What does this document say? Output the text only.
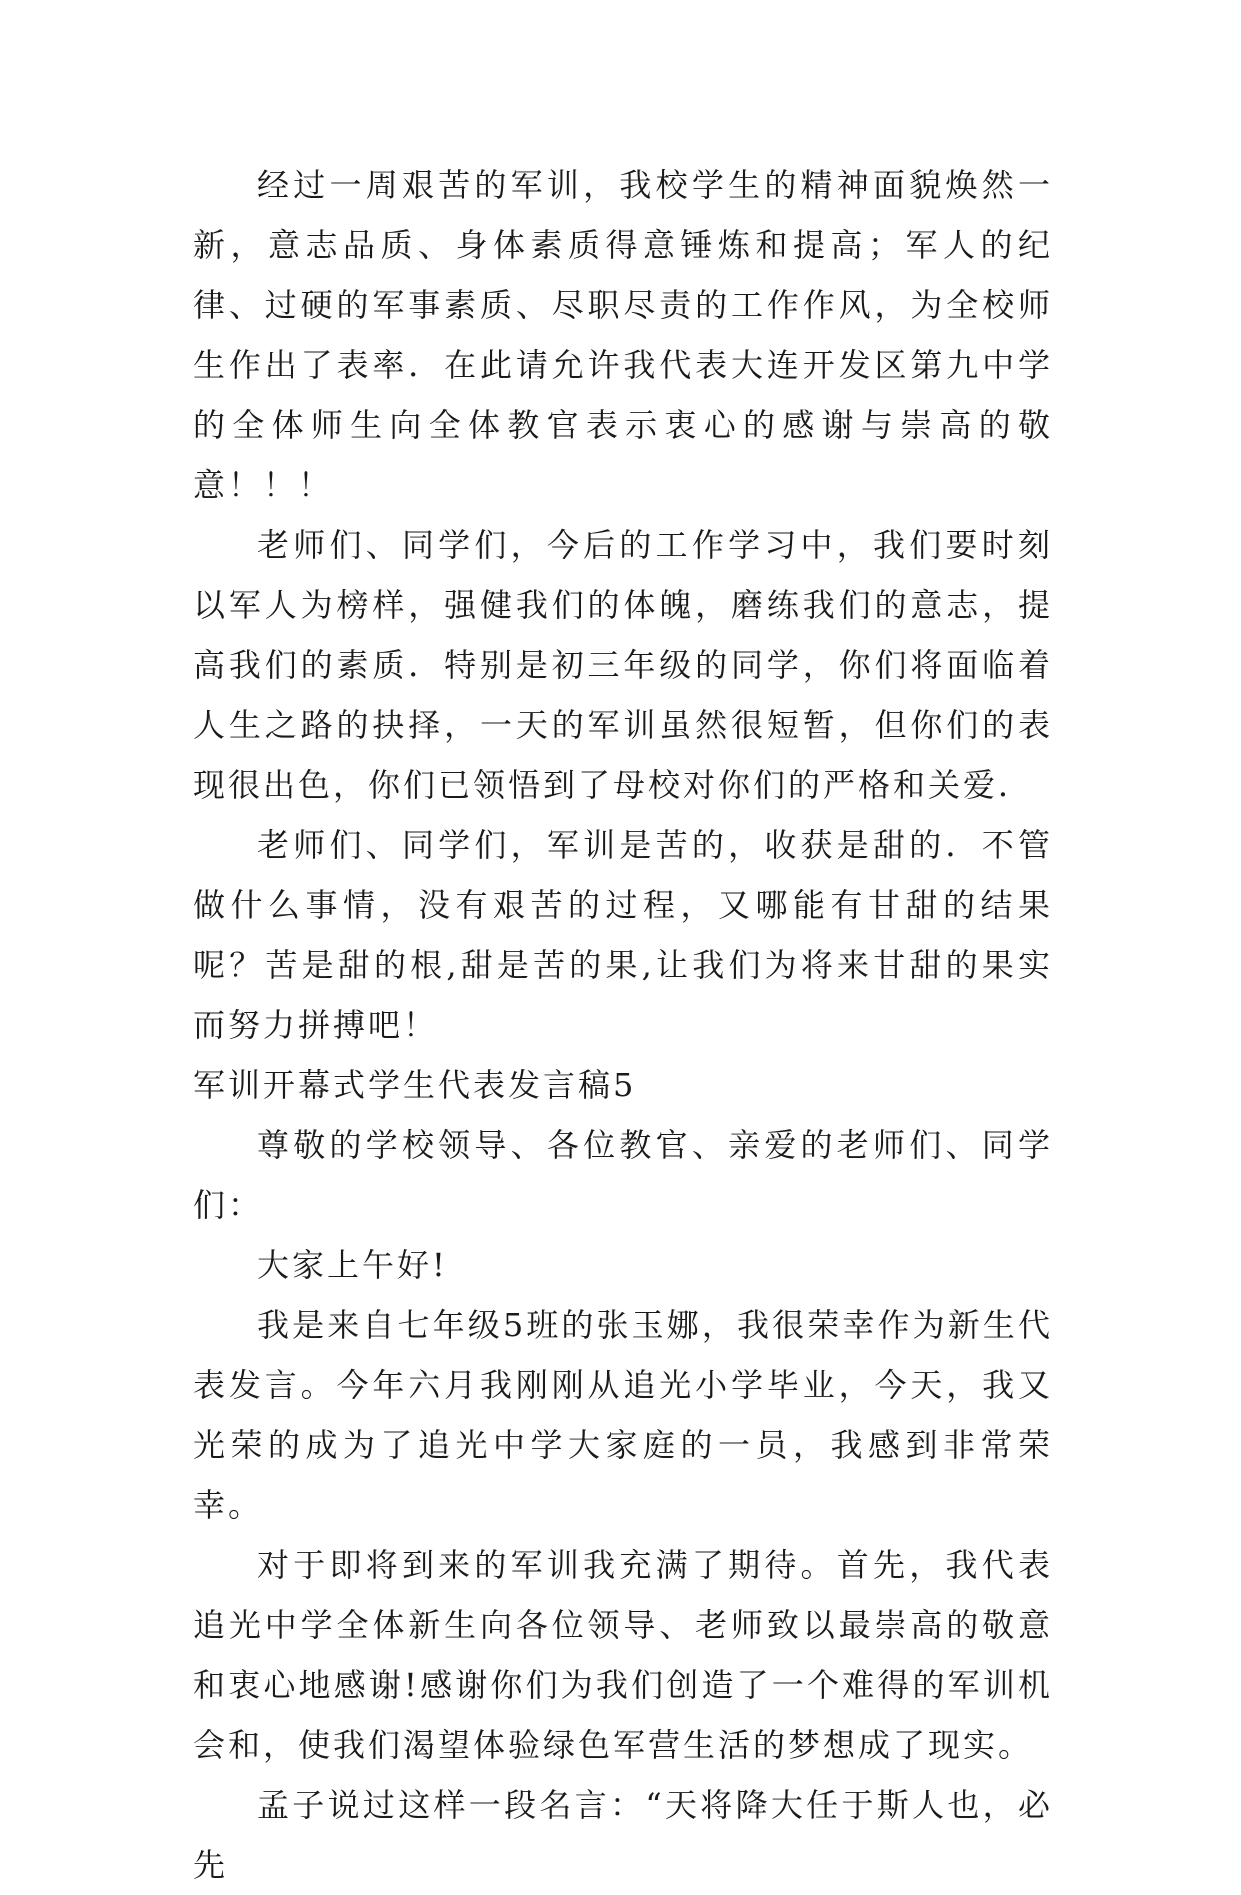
经过一周艰苦的军训，我校学生的精神面貌焕然一新，意志品质、身体素质得意锤炼和提高；军人的纪律、过硬的军事素质、尽职尽责的工作作风，为全校师生作出了表率．在此请允许我代表大连开发区第九中学的全体师生向全体教官表示衷心的感谢与崇高的敬意！！！

老师们、同学们，今后的工作学习中，我们要时刻以军人为榜样，强健我们的体魄，磨练我们的意志，提高我们的素质．特别是初三年级的同学，你们将面临着人生之路的抉择，一天的军训虽然很短暂，但你们的表现很出色，你们已领悟到了母校对你们的严格和关爱．

老师们、同学们，军训是苦的，收获是甜的．不管做什么事情，没有艰苦的过程，又哪能有甘甜的结果呢？苦是甜的根,甜是苦的果,让我们为将来甘甜的果实而努力拼搏吧！

军训开幕式学生代表发言稿5

尊敬的学校领导、各位教官、亲爱的老师们、同学们：

大家上午好!

我是来自七年级5班的张玉娜，我很荣幸作为新生代表发言。今年六月我刚刚从追光小学毕业，今天，我又光荣的成为了追光中学大家庭的一员，我感到非常荣幸。

对于即将到来的军训我充满了期待。首先，我代表追光中学全体新生向各位领导、老师致以最崇高的敬意和衷心地感谢!感谢你们为我们创造了一个难得的军训机会和，使我们渴望体验绿色军营生活的梦想成了现实。

孟子说过这样一段名言：“天将降大任于斯人也，必先
